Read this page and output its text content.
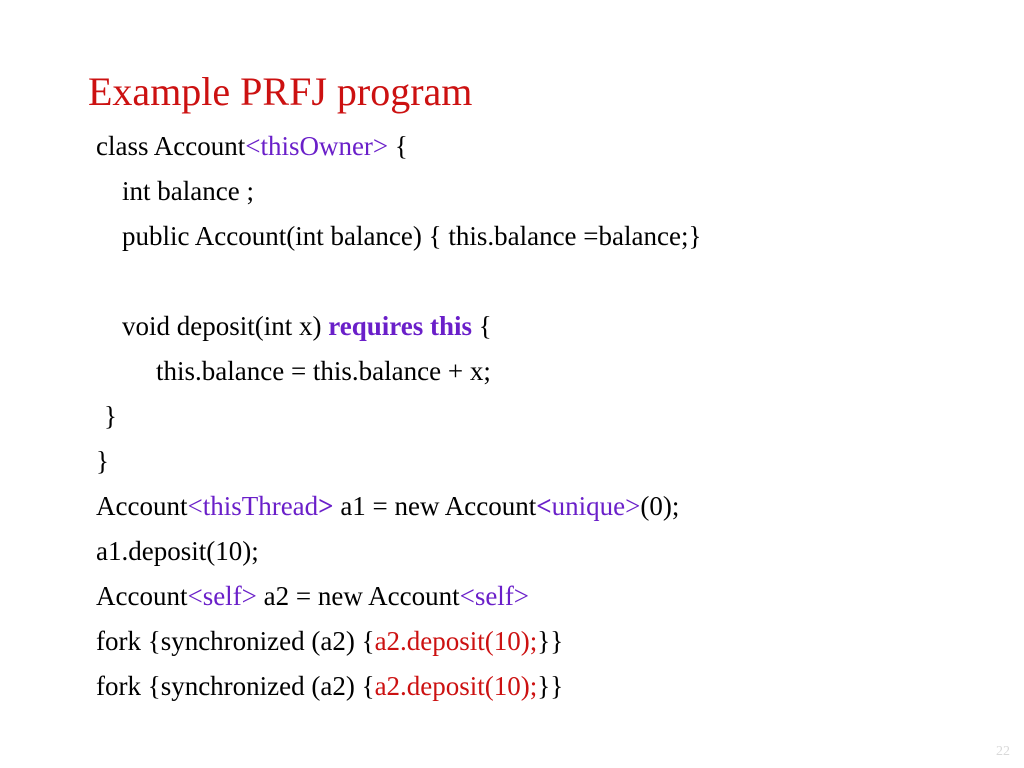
Example PRFJ program
class Account<thisOwner> {
int balance ;
public Account(int balance) { this.balance =balance;}
void deposit(int x) requires this {
this.balance = this.balance + x;
}
}
Account<thisThread> a1 = new Account<unique>(0);
a1.deposit(10);
Account<self> a2 = new Account<self>
fork {synchronized (a2) {a2.deposit(10);}}
fork {synchronized (a2) {a2.deposit(10);}}
22
